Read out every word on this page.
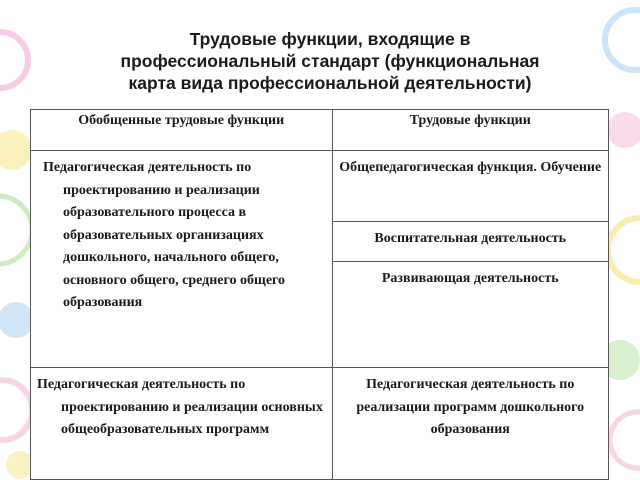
Трудовые функции, входящие в
профессиональный стандарт (функциональная
карта вида профессиональной деятельности)
Обобщенные трудовые функции	Трудовые функции

Педагогическая деятельность по
проектированию и реализации образовательного процесса в образовательных организациях дошкольного, начального общего, основного общего, среднего общего образования	Общепедагогическая функция. Обучение
	Воспитательная деятельность
	Развивающая деятельность

Педагогическая деятельность по
проектированию и реализации основных общеобразовательных программ	Педагогическая деятельность по реализации программ дошкольного образования
